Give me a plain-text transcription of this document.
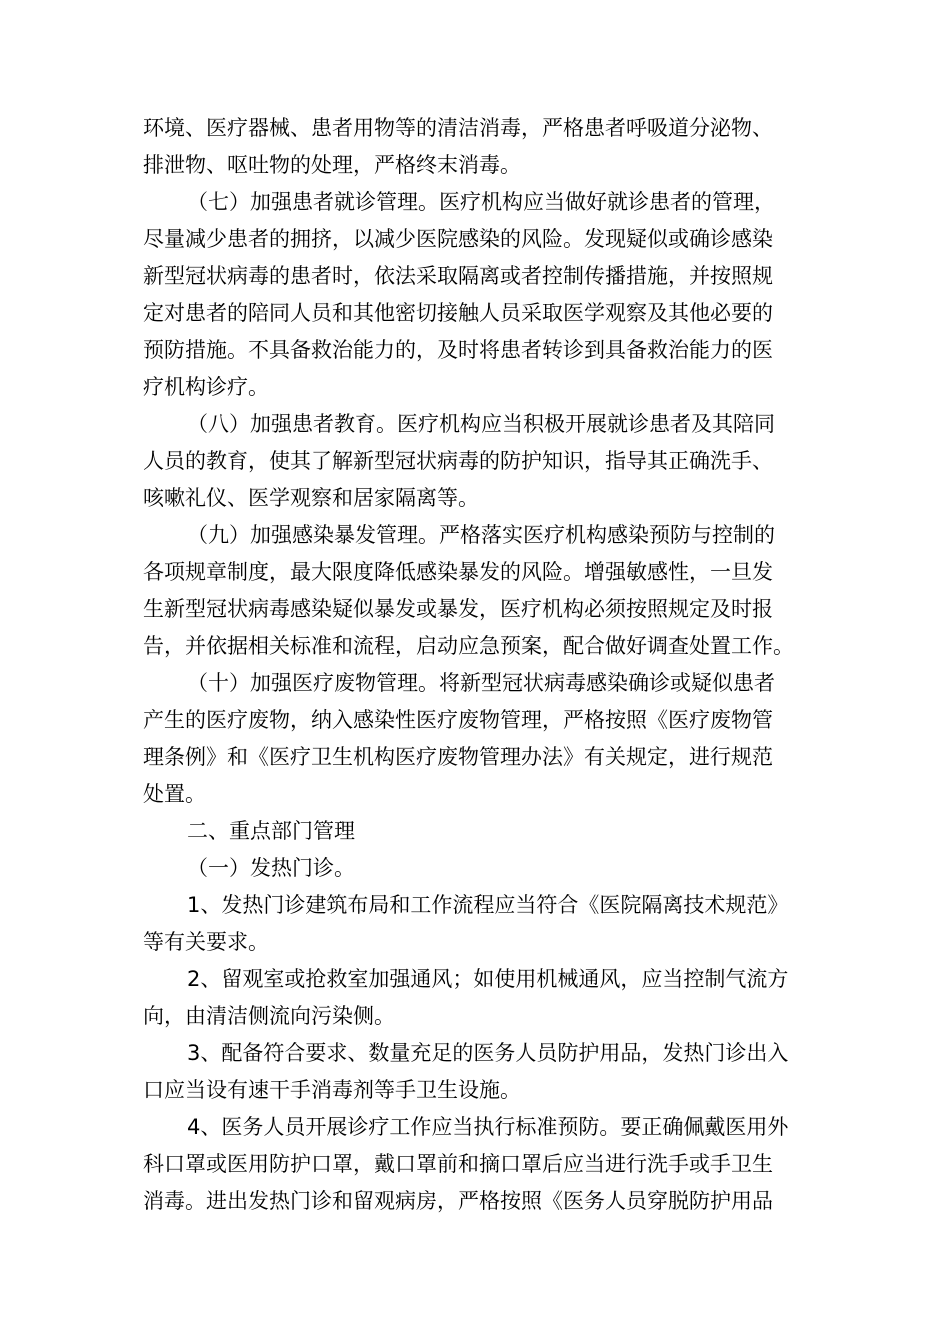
环境、医疗器械、患者用物等的清洁消毒，严格患者呼吸道分泌物、
排泄物、呕吐物的处理，严格终末消毒。
（七）加强患者就诊管理。医疗机构应当做好就诊患者的管理，
尽量减少患者的拥挤，以减少医院感染的风险。发现疑似或确诊感染
新型冠状病毒的患者时，依法采取隔离或者控制传播措施，并按照规
定对患者的陪同人员和其他密切接触人员采取医学观察及其他必要的
预防措施。不具备救治能力的，及时将患者转诊到具备救治能力的医
疗机构诊疗。
（八）加强患者教育。医疗机构应当积极开展就诊患者及其陪同
人员的教育，使其了解新型冠状病毒的防护知识，指导其正确洗手、
咳嗽礼仪、医学观察和居家隔离等。
（九）加强感染暴发管理。严格落实医疗机构感染预防与控制的
各项规章制度，最大限度降低感染暴发的风险。增强敏感性，一旦发
生新型冠状病毒感染疑似暴发或暴发，医疗机构必须按照规定及时报
告，并依据相关标准和流程，启动应急预案，配合做好调查处置工作。
（十）加强医疗废物管理。将新型冠状病毒感染确诊或疑似患者
产生的医疗废物，纳入感染性医疗废物管理，严格按照《医疗废物管
理条例》和《医疗卫生机构医疗废物管理办法》有关规定，进行规范
处置。
二、重点部门管理
（一）发热门诊。
1、发热门诊建筑布局和工作流程应当符合《医院隔离技术规范》
等有关要求。
2、留观室或抢救室加强通风；如使用机械通风，应当控制气流方
向，由清洁侧流向污染侧。
3、配备符合要求、数量充足的医务人员防护用品，发热门诊出入
口应当设有速干手消毒剂等手卫生设施。
4、医务人员开展诊疗工作应当执行标准预防。要正确佩戴医用外
科口罩或医用防护口罩，戴口罩前和摘口罩后应当进行洗手或手卫生
消毒。进出发热门诊和留观病房，严格按照《医务人员穿脱防护用品
